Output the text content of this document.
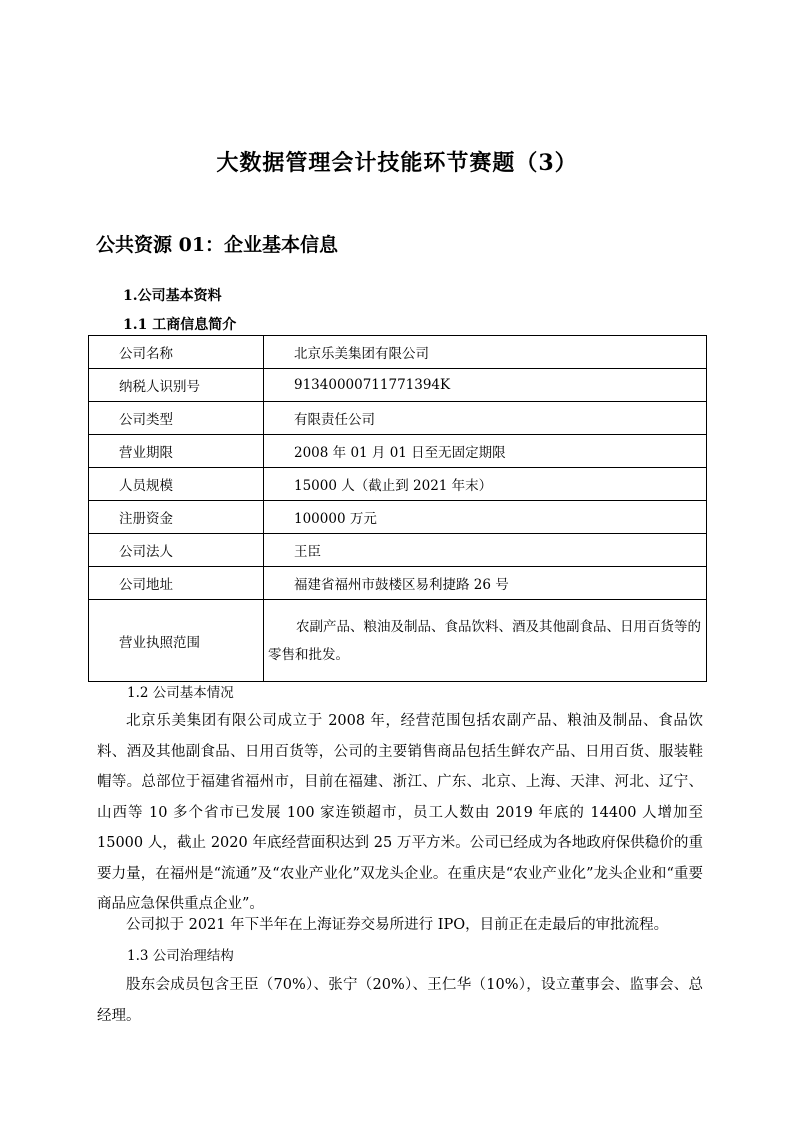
大数据管理会计技能环节赛题（3）
公共资源 01：企业基本信息
1.公司基本资料
1.1 工商信息简介
公司名称	北京乐美集团有限公司
纳税人识别号	91340000711771394K
公司类型	有限责任公司
营业期限	2008 年 01 月 01 日至无固定期限
人员规模	15000 人（截止到 2021 年末）
注册资金	100000 万元
公司法人	王臣
公司地址	福建省福州市鼓楼区易利捷路 26 号
营业执照范围	农副产品、粮油及制品、食品饮料、酒及其他副食品、日用百货等的零售和批发。
1.2 公司基本情况
北京乐美集团有限公司成立于 2008 年，经营范围包括农副产品、粮油及制品、食品饮料、酒及其他副食品、日用百货等，公司的主要销售商品包括生鲜农产品、日用百货、服装鞋帽等。总部位于福建省福州市，目前在福建、浙江、广东、北京、上海、天津、河北、辽宁、山西等 10 多个省市已发展 100 家连锁超市，员工人数由 2019 年底的 14400 人增加至 15000 人，截止 2020 年底经营面积达到 25 万平方米。公司已经成为各地政府保供稳价的重要力量，在福州是“流通”及“农业产业化”双龙头企业。在重庆是“农业产业化”龙头企业和“重要商品应急保供重点企业”。
公司拟于 2021 年下半年在上海证券交易所进行 IPO，目前正在走最后的审批流程。
1.3 公司治理结构
股东会成员包含王臣（70%）、张宁（20%）、王仁华（10%），设立董事会、监事会、总经理。
